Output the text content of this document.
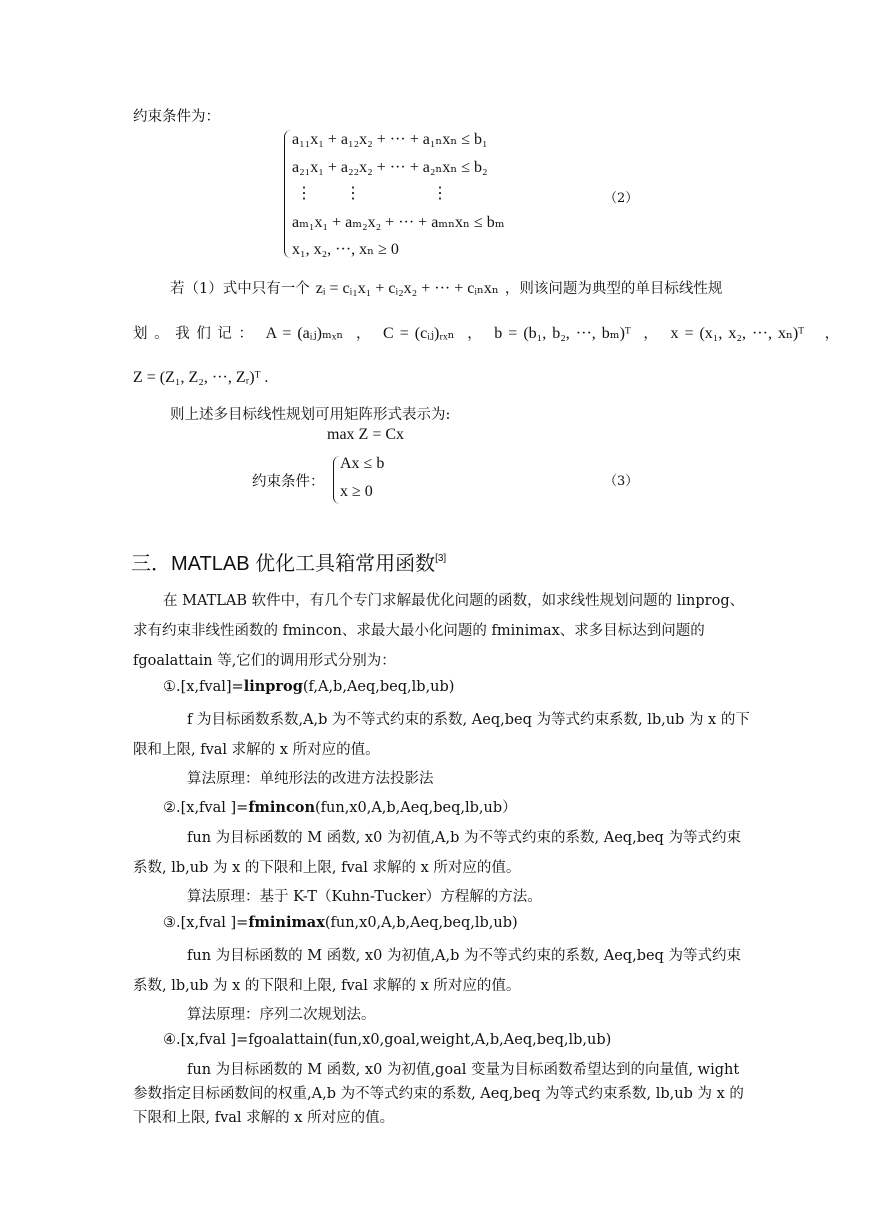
约束条件为：
a₁₁x₁ + a₁₂x₂ + ··· + a₁ₙxₙ ≤ b₁
a₂₁x₁ + a₂₂x₂ + ··· + a₂ₙxₙ ≤ b₂
⋮ ⋮	⋮
aₘ₁x₁ + aₘ₂x₂ + ··· + aₘₙxₙ ≤ bₘ
x₁, x₂, ···, xₙ ≥ 0
（2）
若（1）式中只有一个 zᵢ = cᵢ₁x₁ + cᵢ₂x₂ + ··· + cᵢₙxₙ ，则该问题为典型的单目标线性规
划 。 我 们 记 ： A = (aᵢⱼ)ₘₓₙ ， C = (cᵢⱼ)ᵣₓₙ ， b = (b₁, b₂, ···, bₘ)ᵀ ， x = (x₁, x₂, ···, xₙ)ᵀ ，
Z = (Z₁, Z₂, ···, Zᵣ)ᵀ .
则上述多目标线性规划可用矩阵形式表示为:
max Z = Cx
约束条件：
Ax ≤ b
x ≥ 0
（3）
三．MATLAB 优化工具箱常用函数[3]
在 MATLAB 软件中，有几个专门求解最优化问题的函数，如求线性规划问题的 linprog、
求有约束非线性函数的 fmincon、求最大最小化问题的 fminimax、求多目标达到问题的
fgoalattain 等,它们的调用形式分别为：
①.[x,fval]=linprog(f,A,b,Aeq,beq,lb,ub)
f 为目标函数系数,A,b 为不等式约束的系数, Aeq,beq 为等式约束系数, lb,ub 为 x 的下
限和上限, fval 求解的 x 所对应的值。
算法原理：单纯形法的改进方法投影法
②.[x,fval ]=fmincon(fun,x0,A,b,Aeq,beq,lb,ub）
fun 为目标函数的 M 函数, x0 为初值,A,b 为不等式约束的系数, Aeq,beq 为等式约束
系数, lb,ub 为 x 的下限和上限, fval 求解的 x 所对应的值。
算法原理：基于 K-T（Kuhn-Tucker）方程解的方法。
③.[x,fval ]=fminimax(fun,x0,A,b,Aeq,beq,lb,ub)
fun 为目标函数的 M 函数, x0 为初值,A,b 为不等式约束的系数, Aeq,beq 为等式约束
系数, lb,ub 为 x 的下限和上限, fval 求解的 x 所对应的值。
算法原理：序列二次规划法。
④.[x,fval ]=fgoalattain(fun,x0,goal,weight,A,b,Aeq,beq,lb,ub)
fun 为目标函数的 M 函数, x0 为初值,goal 变量为目标函数希望达到的向量值, wight
参数指定目标函数间的权重,A,b 为不等式约束的系数, Aeq,beq 为等式约束系数, lb,ub 为 x 的
下限和上限, fval 求解的 x 所对应的值。
